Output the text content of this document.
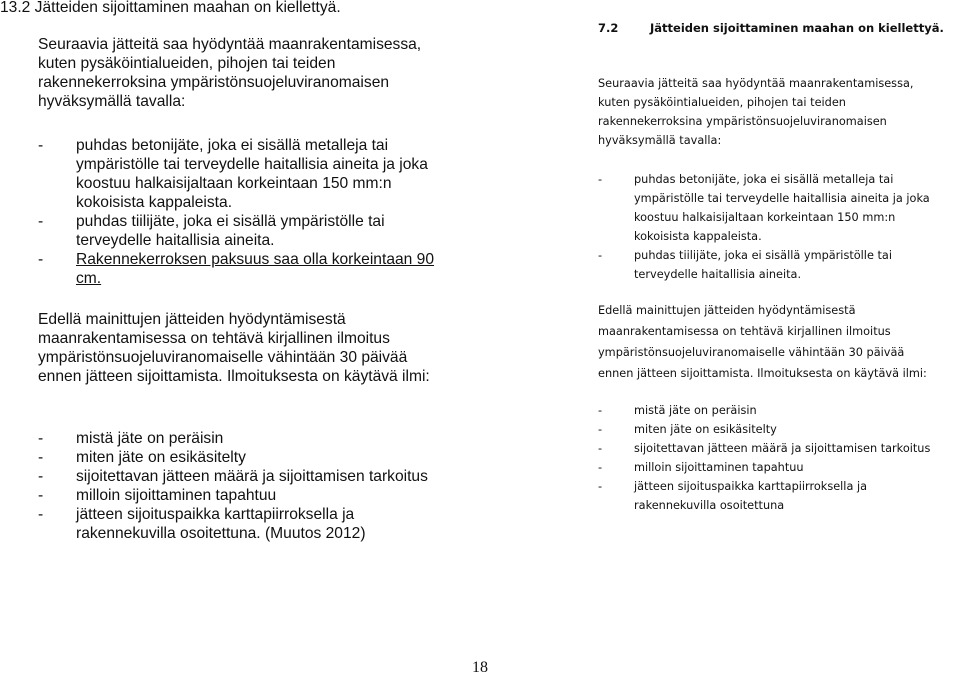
13.2 Jätteiden sijoittaminen maahan on kiellettyä.

Seuraavia jätteitä saa hyödyntää maanrakentamisessa,
kuten pysäköintialueiden, pihojen tai teiden
rakennekerroksina ympäristönsuojeluviranomaisen
hyväksymällä tavalla:
-	puhdas betonijäte, joka ei sisällä metalleja tai
ympäristölle tai terveydelle haitallisia aineita ja joka
koostuu halkaisijaltaan korkeintaan 150 mm:n
kokoisista kappaleista.
-	puhdas tiilijäte, joka ei sisällä ympäristölle tai
terveydelle haitallisia aineita.
-	Rakennekerroksen paksuus saa olla korkeintaan 90
cm.
Edellä mainittujen jätteiden hyödyntämisestä
maanrakentamisessa on tehtävä kirjallinen ilmoitus
ympäristönsuojeluviranomaiselle vähintään 30 päivää
ennen jätteen sijoittamista. Ilmoituksesta on käytävä ilmi:
-	mistä jäte on peräisin
-	miten jäte on esikäsitelty
-	sijoitettavan jätteen määrä ja sijoittamisen tarkoitus
-	milloin sijoittaminen tapahtuu
-	jätteen sijoituspaikka karttapiirroksella ja
rakennekuvilla osoitettuna. (Muutos 2012)
7.2	Jätteiden sijoittaminen maahan on kiellettyä.
Seuraavia jätteitä saa hyödyntää maanrakentamisessa,
kuten pysäköintialueiden, pihojen tai teiden
rakennekerroksina ympäristönsuojeluviranomaisen
hyväksymällä tavalla:
-	puhdas betonijäte, joka ei sisällä metalleja tai
ympäristölle tai terveydelle haitallisia aineita ja joka
koostuu halkaisijaltaan korkeintaan 150 mm:n
kokoisista kappaleista.
-	puhdas tiilijäte, joka ei sisällä ympäristölle tai
terveydelle haitallisia aineita.
Edellä mainittujen jätteiden hyödyntämisestä
maanrakentamisessa on tehtävä kirjallinen ilmoitus
ympäristönsuojeluviranomaiselle vähintään 30 päivää
ennen jätteen sijoittamista. Ilmoituksesta on käytävä ilmi:
-	mistä jäte on peräisin
-	miten jäte on esikäsitelty
-	sijoitettavan jätteen määrä ja sijoittamisen tarkoitus
-	milloin sijoittaminen tapahtuu
-	jätteen sijoituspaikka karttapiirroksella ja
rakennekuvilla osoitettuna
18
